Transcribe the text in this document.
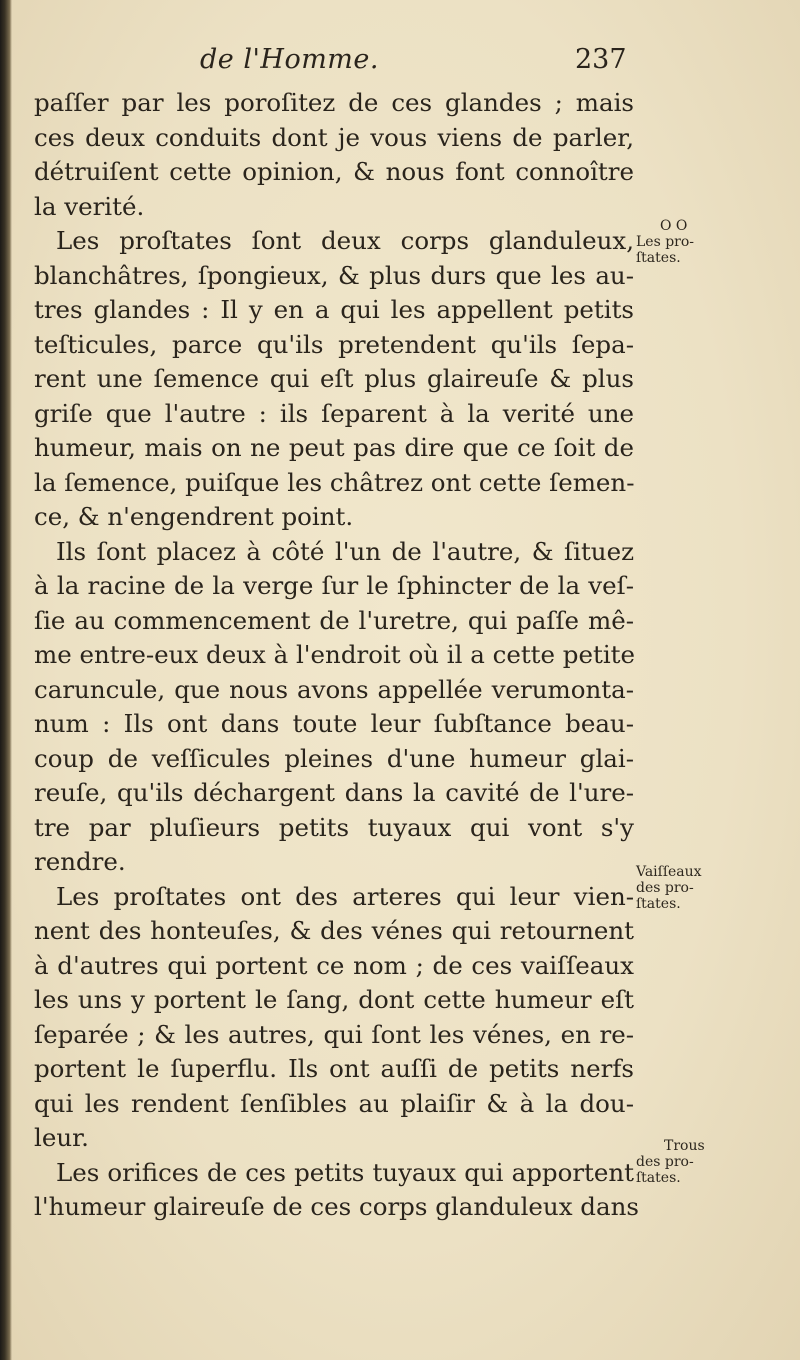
de l'Homme.	237
paſſer par les poroſitez de ces glandes ; mais
ces deux conduits dont je vous viens de parler,
détruiſent cette opinion, & nous font connoître
la verité.
Les proſtates ſont deux corps glanduleux,
blanchâtres, ſpongieux, & plus durs que les au-
tres glandes : Il y en a qui les appellent petits
teſticules, parce qu'ils pretendent qu'ils ſepa-
rent une ſemence qui eſt plus glaireuſe & plus
griſe que l'autre : ils ſeparent à la verité une
humeur, mais on ne peut pas dire que ce ſoit de
la ſemence, puiſque les châtrez ont cette ſemen-
ce, & n'engendrent point.
Ils ſont placez à côté l'un de l'autre, & ſituez
à la racine de la verge ſur le ſphincter de la veſ-
ſie au commencement de l'uretre, qui paſſe mê-
me entre-eux deux à l'endroit où il a cette petite
caruncule, que nous avons appellée verumonta-
num : Ils ont dans toute leur ſubſtance beau-
coup de veſſicules pleines d'une humeur glai-
reuſe, qu'ils déchargent dans la cavité de l'ure-
tre par pluſieurs petits tuyaux qui vont s'y
rendre.
Les proſtates ont des arteres qui leur vien-
nent des honteuſes, & des vénes qui retournent
à d'autres qui portent ce nom ; de ces vaiſſeaux
les uns y portent le ſang, dont cette humeur eſt
ſeparée ; & les autres, qui ſont les vénes, en re-
portent le ſuperflu. Ils ont auſſi de petits nerfs
qui les rendent ſenſibles au plaiſir & à la dou-
leur.
Les orifices de ces petits tuyaux qui apportent
l'humeur glaireuſe de ces corps glanduleux dans
O O
Les pro-
ſtates.
Vaiſſeaux
des pro-
ſtates.
Trous
des pro-
ſtates.
